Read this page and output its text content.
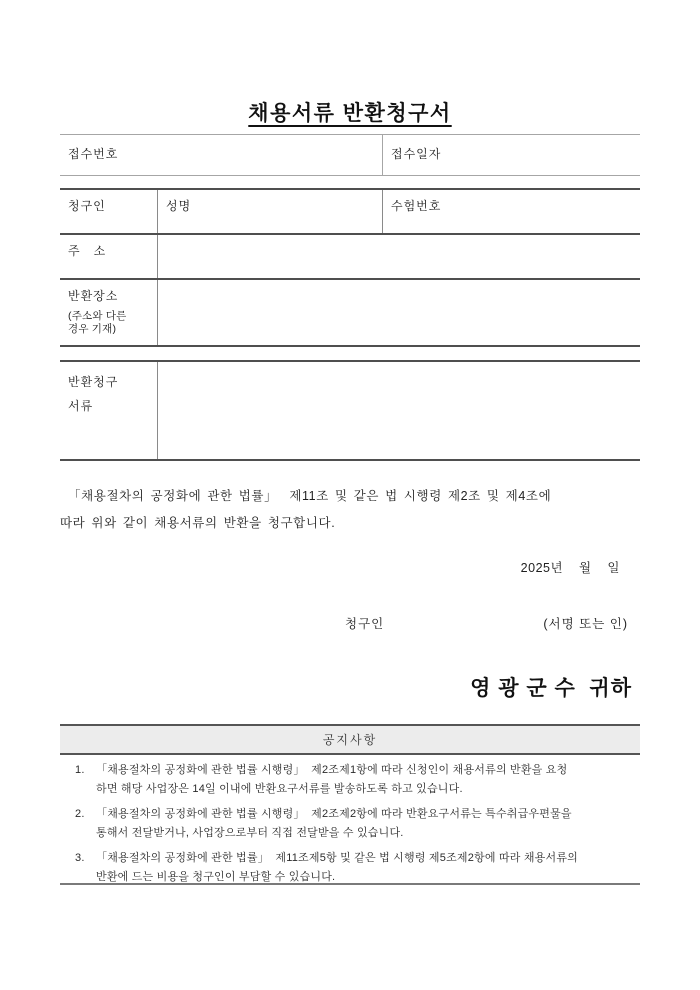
채용서류 반환청구서
접수번호	접수일자
청구인	성명	수험번호
주   소
반환장소
(주소와 다른
경우 기재)
반환청구
서류
「채용절차의 공정화에 관한 법률」  제11조 및 같은 법 시행령 제2조 및 제4조에
따라 위와 같이 채용서류의 반환을 청구합니다.
2025년    월    일
청구인	(서명 또는 인)
영 광 군 수  귀하
공지사항
1. 「채용절차의 공정화에 관한 법률 시행령」  제2조제1항에 따라 신청인이 채용서류의 반환을 요청
하면 해당 사업장은 14일 이내에 반환요구서류를 발송하도록 하고 있습니다.
2. 「채용절차의 공정화에 관한 법률 시행령」  제2조제2항에 따라 반환요구서류는 특수취급우편물을
통해서 전달받거나, 사업장으로부터 직접 전달받을 수 있습니다.
3. 「채용절차의 공정화에 관한 법률」  제11조제5항 및 같은 법 시행령 제5조제2항에 따라 채용서류의
반환에 드는 비용을 청구인이 부담할 수 있습니다.
